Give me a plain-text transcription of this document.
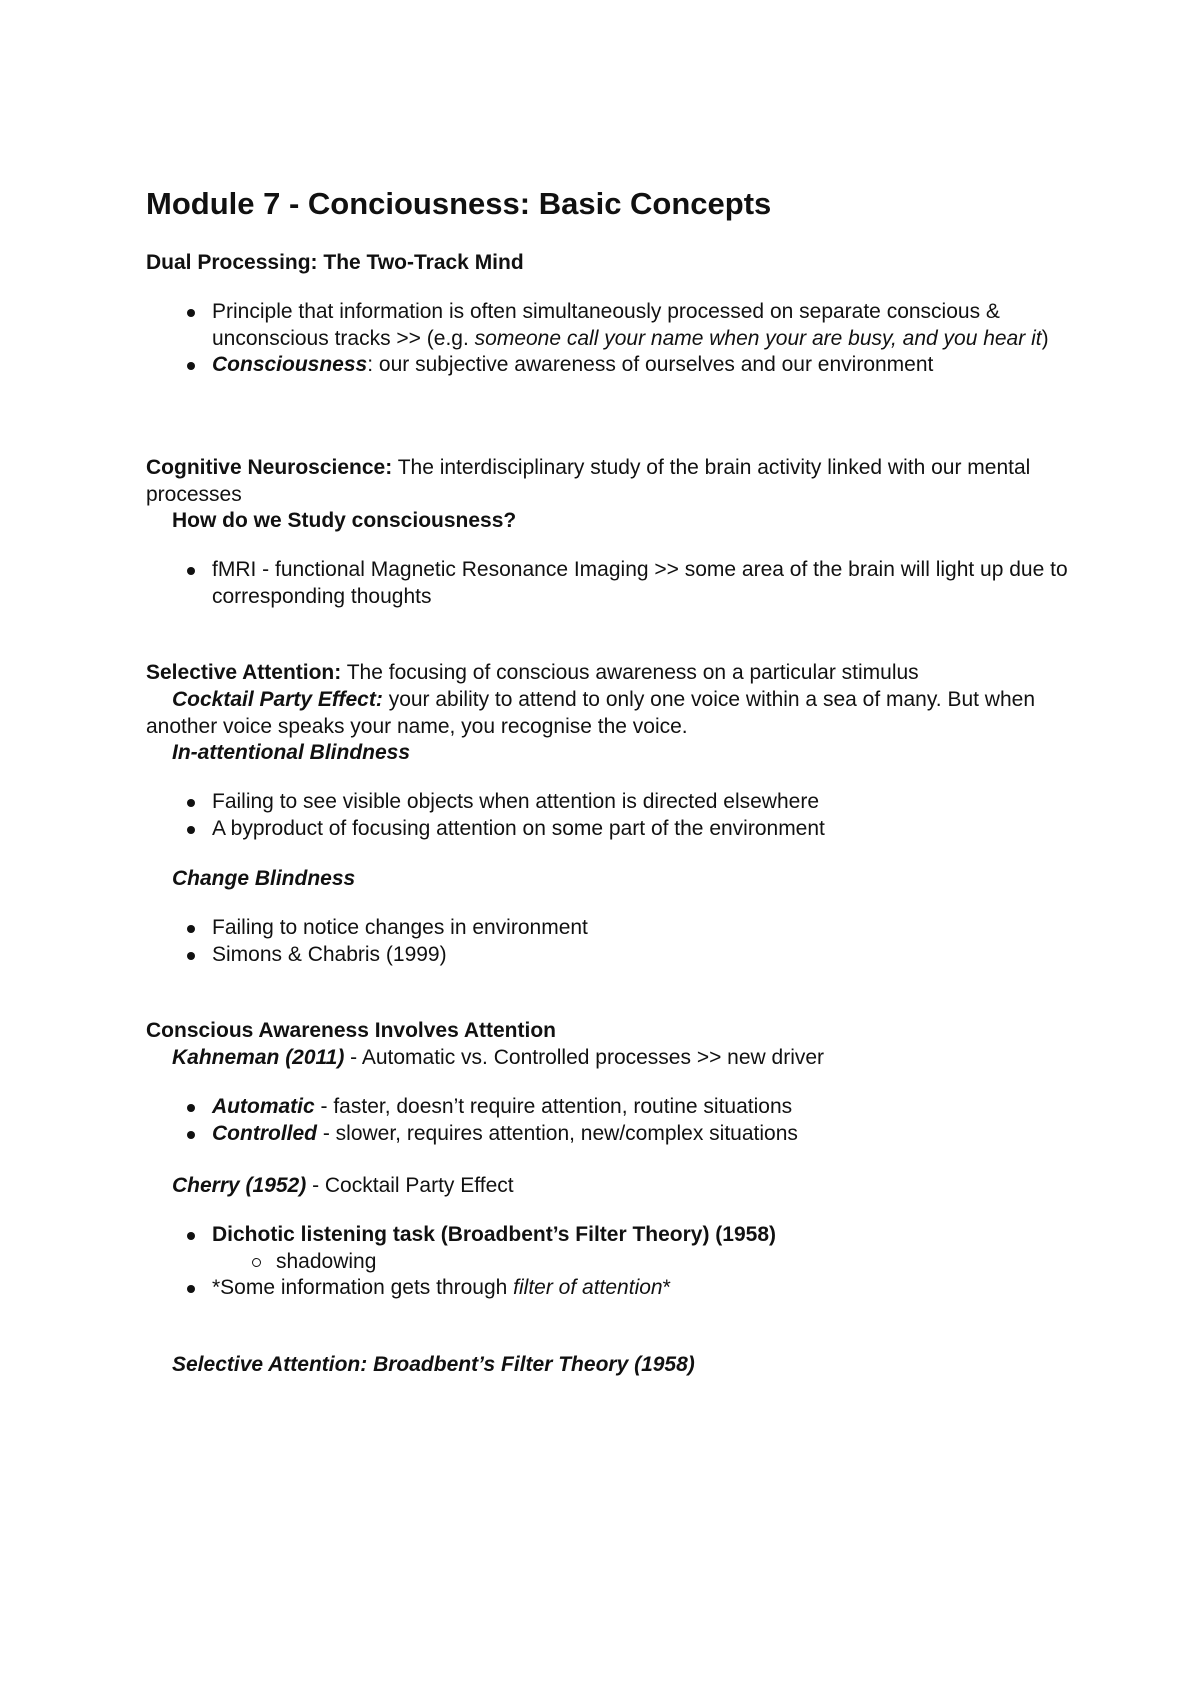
Module 7 - Conciousness: Basic Concepts

Dual Processing: The Two-Track Mind

Principle that information is often simultaneously processed on separate conscious & unconscious tracks >> (e.g. someone call your name when your are busy, and you hear it)
Consciousness: our subjective awareness of ourselves and our environment

Cognitive Neuroscience: The interdisciplinary study of the brain activity linked with our mental processes

How do we Study consciousness?

fMRI - functional Magnetic Resonance Imaging >> some area of the brain will light up due to corresponding thoughts

Selective Attention: The focusing of conscious awareness on a particular stimulus

Cocktail Party Effect: your ability to attend to only one voice within a sea of many. But when another voice speaks your name, you recognise the voice.

In-attentional Blindness

Failing to see visible objects when attention is directed elsewhere
A byproduct of focusing attention on some part of the environment

Change Blindness

Failing to notice changes in environment
Simons & Chabris (1999)

Conscious Awareness Involves Attention

Kahneman (2011) - Automatic vs. Controlled processes >> new driver

Automatic - faster, doesn’t require attention, routine situations
Controlled - slower, requires attention, new/complex situations

Cherry (1952) - Cocktail Party Effect

Dichotic listening task (Broadbent’s Filter Theory) (1958)
shadowing
*Some information gets through filter of attention*

Selective Attention: Broadbent’s Filter Theory (1958)
